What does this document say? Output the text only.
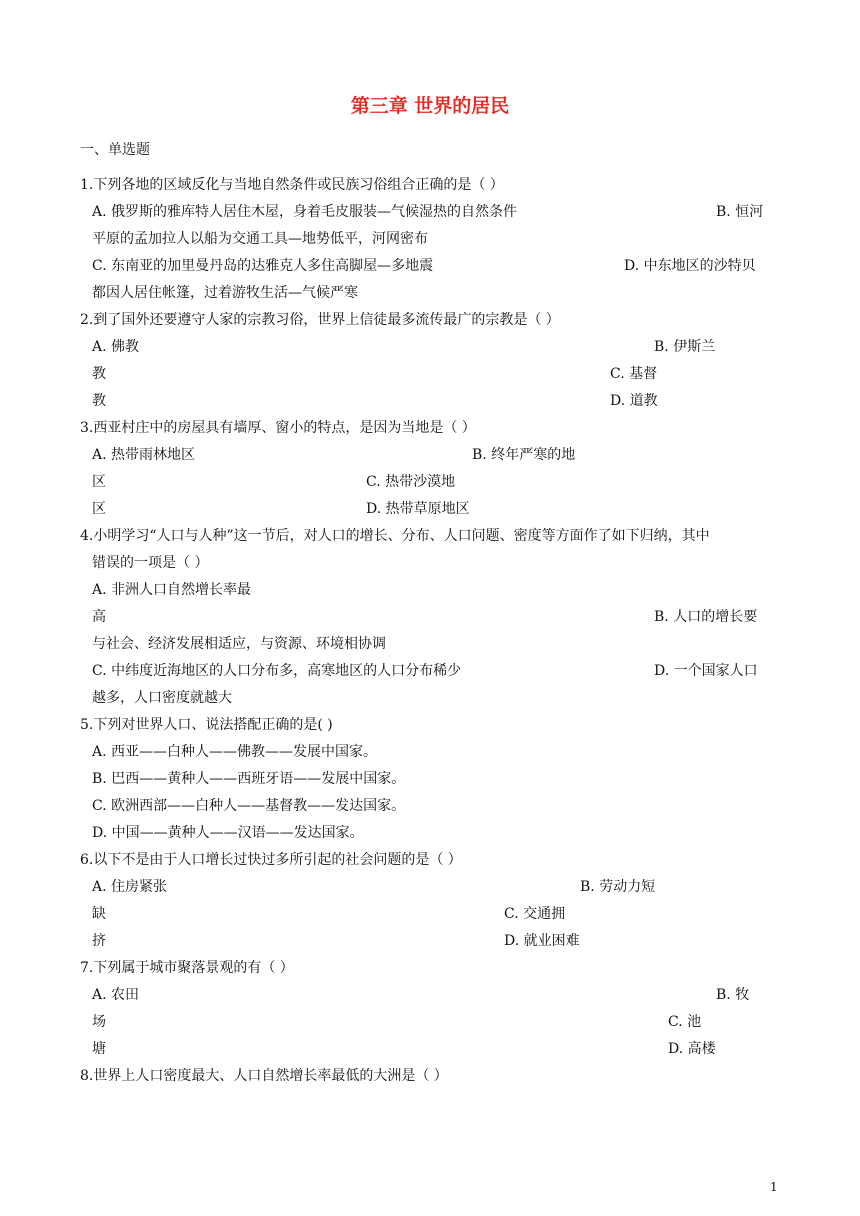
第三章 世界的居民
一、单选题
1.下列各地的区域反化与当地自然条件或民族习俗组合正确的是（ ）
A. 俄罗斯的雅库特人居住木屋，身着毛皮服装—气候湿热的自然条件	B. 恒河
平原的孟加拉人以船为交通工具—地势低平，河网密布
C. 东南亚的加里曼丹岛的达雅克人多住高脚屋—多地震	D. 中东地区的沙特贝
都因人居住帐篷，过着游牧生活—气候严寒
2.到了国外还要遵守人家的宗教习俗，世界上信徒最多流传最广的宗教是（ ）
A. 佛教	B. 伊斯兰
教	C. 基督
教	D. 道教
3.西亚村庄中的房屋具有墙厚、窗小的特点，是因为当地是（ ）
A. 热带雨林地区	B. 终年严寒的地
区	C. 热带沙漠地
区	D. 热带草原地区
4.小明学习“人口与人种”这一节后，对人口的增长、分布、人口问题、密度等方面作了如下归纳，其中
错误的一项是（ ）
A. 非洲人口自然增长率最
高	B. 人口的增长要
与社会、经济发展相适应，与资源、环境相协调
C. 中纬度近海地区的人口分布多，高寒地区的人口分布稀少	D. 一个国家人口
越多，人口密度就越大
5.下列对世界人口、说法搭配正确的是( )
A. 西亚——白种人——佛教——发展中国家。
B. 巴西——黄种人——西班牙语——发展中国家。
C. 欧洲西部——白种人——基督教——发达国家。
D. 中国——黄种人——汉语——发达国家。
6.以下不是由于人口增长过快过多所引起的社会问题的是（ ）
A. 住房紧张	B. 劳动力短
缺	C. 交通拥
挤	D. 就业困难
7.下列属于城市聚落景观的有（ ）
A. 农田	B. 牧
场	C. 池
塘	D. 高楼
8.世界上人口密度最大、人口自然增长率最低的大洲是（ ）
1
